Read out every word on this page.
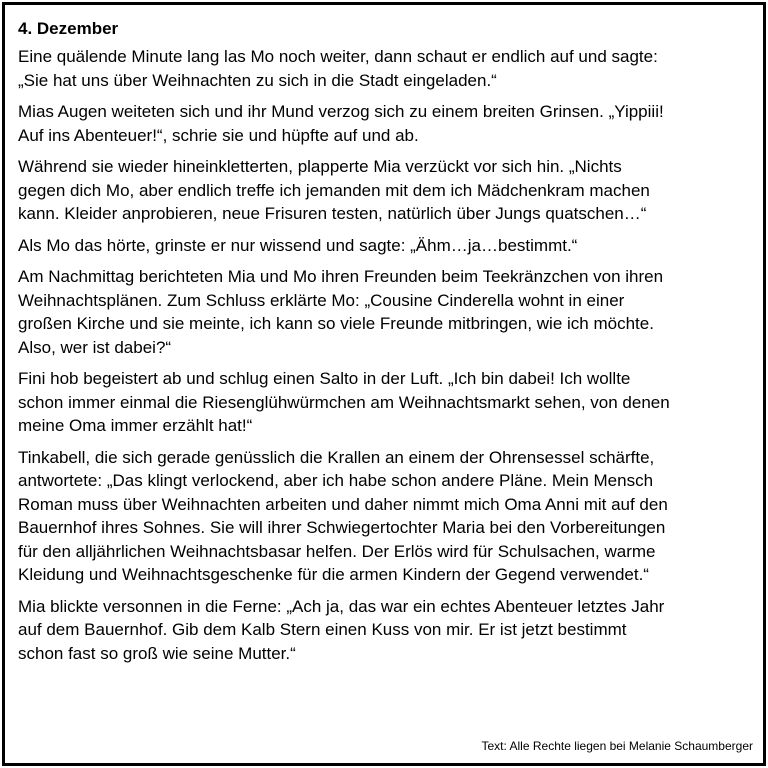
4. Dezember
Eine quälende Minute lang las Mo noch weiter, dann schaut er endlich auf und sagte:
„Sie hat uns über Weihnachten zu sich in die Stadt eingeladen.“
Mias Augen weiteten sich und ihr Mund verzog sich zu einem breiten Grinsen. „Yippiii!
Auf ins Abenteuer!“, schrie sie und hüpfte auf und ab.
Während sie wieder hineinkletterten, plapperte Mia verzückt vor sich hin. „Nichts
gegen dich Mo, aber endlich treffe ich jemanden mit dem ich Mädchenkram machen
kann. Kleider anprobieren, neue Frisuren testen, natürlich über Jungs quatschen…“
Als Mo das hörte, grinste er nur wissend und sagte: „Ähm…ja…bestimmt.“
Am Nachmittag berichteten Mia und Mo ihren Freunden beim Teekränzchen von ihren
Weihnachtsplänen. Zum Schluss erklärte Mo: „Cousine Cinderella wohnt in einer
großen Kirche und sie meinte, ich kann so viele Freunde mitbringen, wie ich möchte.
Also, wer ist dabei?“
Fini hob begeistert ab und schlug einen Salto in der Luft. „Ich bin dabei! Ich wollte
schon immer einmal die Riesenglühwürmchen am Weihnachtsmarkt sehen, von denen
meine Oma immer erzählt hat!“
Tinkabell, die sich gerade genüsslich die Krallen an einem der Ohrensessel schärfte,
antwortete: „Das klingt verlockend, aber ich habe schon andere Pläne. Mein Mensch
Roman muss über Weihnachten arbeiten und daher nimmt mich Oma Anni mit auf den
Bauernhof ihres Sohnes. Sie will ihrer Schwiegertochter Maria bei den Vorbereitungen
für den alljährlichen Weihnachtsbasar helfen. Der Erlös wird für Schulsachen, warme
Kleidung und Weihnachtsgeschenke für die armen Kindern der Gegend verwendet.“
Mia blickte versonnen in die Ferne: „Ach ja, das war ein echtes Abenteuer letztes Jahr
auf dem Bauernhof. Gib dem Kalb Stern einen Kuss von mir. Er ist jetzt bestimmt
schon fast so groß wie seine Mutter.“
Text: Alle Rechte liegen bei Melanie Schaumberger
